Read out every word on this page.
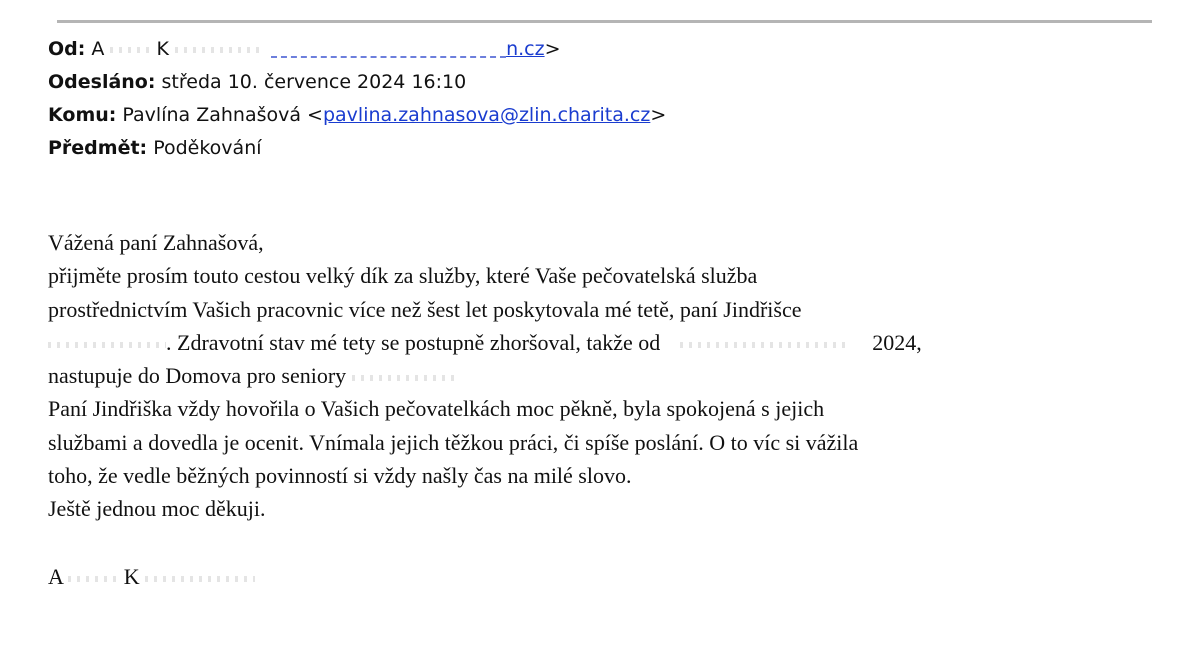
Od: A	K	n.cz>
Odesláno: středa 10. července 2024 16:10
Komu: Pavlína Zahnašová <pavlina.zahnasova@zlin.charita.cz>
Předmět: Poděkování

Vážená paní Zahnašová,

přijměte prosím touto cestou velký dík za služby, které Vaše pečovatelská služba

prostřednictvím Vašich pracovnic více než šest let poskytovala mé tetě, paní Jindřišce

. Zdravotní stav mé tety se postupně zhoršoval, takže od	2024,

nastupuje do Domova pro seniory

Paní Jindřiška vždy hovořila o Vašich pečovatelkách moc pěkně, byla spokojená s jejich

službami a dovedla je ocenit. Vnímala jejich těžkou práci, či spíše poslání. O to víc si vážila

toho, že vedle běžných povinností si vždy našly čas na milé slovo.

Ještě jednou moc děkuji.

A	K
